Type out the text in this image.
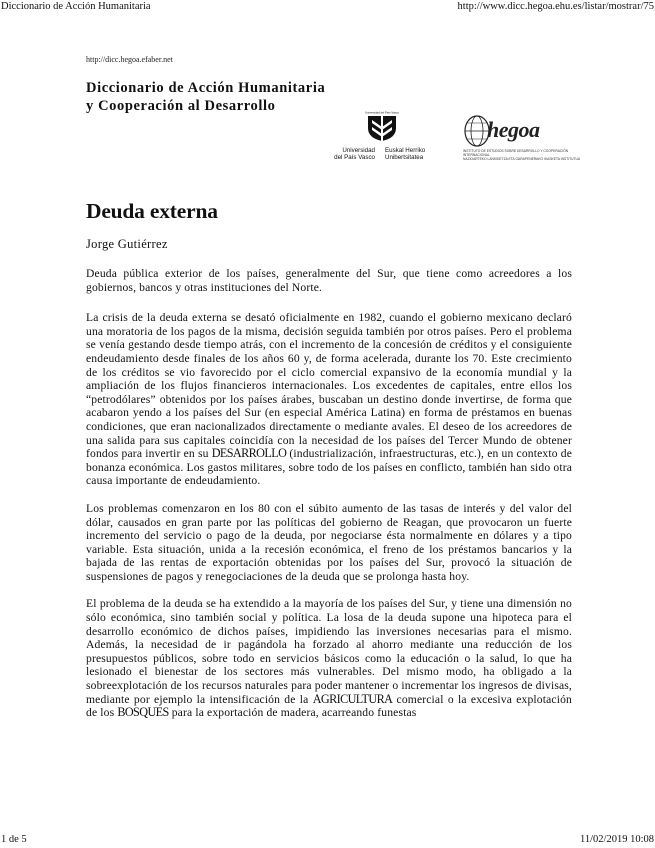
Diccionario de Acción Humanitaria	http://www.dicc.hegoa.ehu.es/listar/mostrar/75
http://dicc.hegoa.efaber.net
Diccionario de Acción Humanitaria
y Cooperación al Desarrollo	Universidad del País Vasco
Universidad
del País Vasco
Euskal Herriko
Unibertsitatea
hegoa
INSTITUTO DE ESTUDIOS SOBRE DESARROLLO Y COOPERACIÓN INTERNACIONAL
NAZIOARTEKO LANKIDETZA ETA GARAPENERAKO IKASKETA INSTITUTUA
Deuda externa
Jorge Gutiérrez

Deuda pública exterior de los países, generalmente del Sur, que tiene como acreedores a los gobiernos, bancos y otras instituciones del Norte.

La crisis de la deuda externa se desató oficialmente en 1982, cuando el gobierno mexicano declaró una moratoria de los pagos de la misma, decisión seguida también por otros países. Pero el problema se venía gestando desde tiempo atrás, con el incremento de la concesión de créditos y el consiguiente endeudamiento desde finales de los años 60 y, de forma acelerada, durante los 70. Este crecimiento de los créditos se vio favorecido por el ciclo comercial expansivo de la economía mundial y la ampliación de los flujos financieros internacionales. Los excedentes de capitales, entre ellos los “petrodólares” obtenidos por los países árabes, buscaban un destino donde invertirse, de forma que acabaron yendo a los países del Sur (en especial América Latina) en forma de préstamos en buenas condiciones, que eran nacionalizados directamente o mediante avales. El deseo de los acreedores de una salida para sus capitales coincidía con la necesidad de los países del Tercer Mundo de obtener fondos para invertir en su DESARROLLO (industrialización, infraestructuras, etc.), en un contexto de bonanza económica. Los gastos militares, sobre todo de los países en conflicto, también han sido otra causa importante de endeudamiento.

Los problemas comenzaron en los 80 con el súbito aumento de las tasas de interés y del valor del dólar, causados en gran parte por las políticas del gobierno de Reagan, que provocaron un fuerte incremento del servicio o pago de la deuda, por negociarse ésta normalmente en dólares y a tipo variable. Esta situación, unida a la recesión económica, el freno de los préstamos bancarios y la bajada de las rentas de exportación obtenidas por los países del Sur, provocó la situación de suspensiones de pagos y renegociaciones de la deuda que se prolonga hasta hoy.

El problema de la deuda se ha extendido a la mayoría de los países del Sur, y tiene una dimensión no sólo económica, sino también social y política. La losa de la deuda supone una hipoteca para el desarrollo económico de dichos países, impidiendo las inversiones necesarias para el mismo. Además, la necesidad de ir pagándola ha forzado al ahorro mediante una reducción de los presupuestos públicos, sobre todo en servicios básicos como la educación o la salud, lo que ha lesionado el bienestar de los sectores más vulnerables. Del mismo modo, ha obligado a la sobreexplotación de los recursos naturales para poder mantener o incrementar los ingresos de divisas, mediante por ejemplo la intensificación de la AGRICULTURA comercial o la excesiva explotación de los BOSQUES para la exportación de madera, acarreando funestas

1 de 5	11/02/2019 10:08
